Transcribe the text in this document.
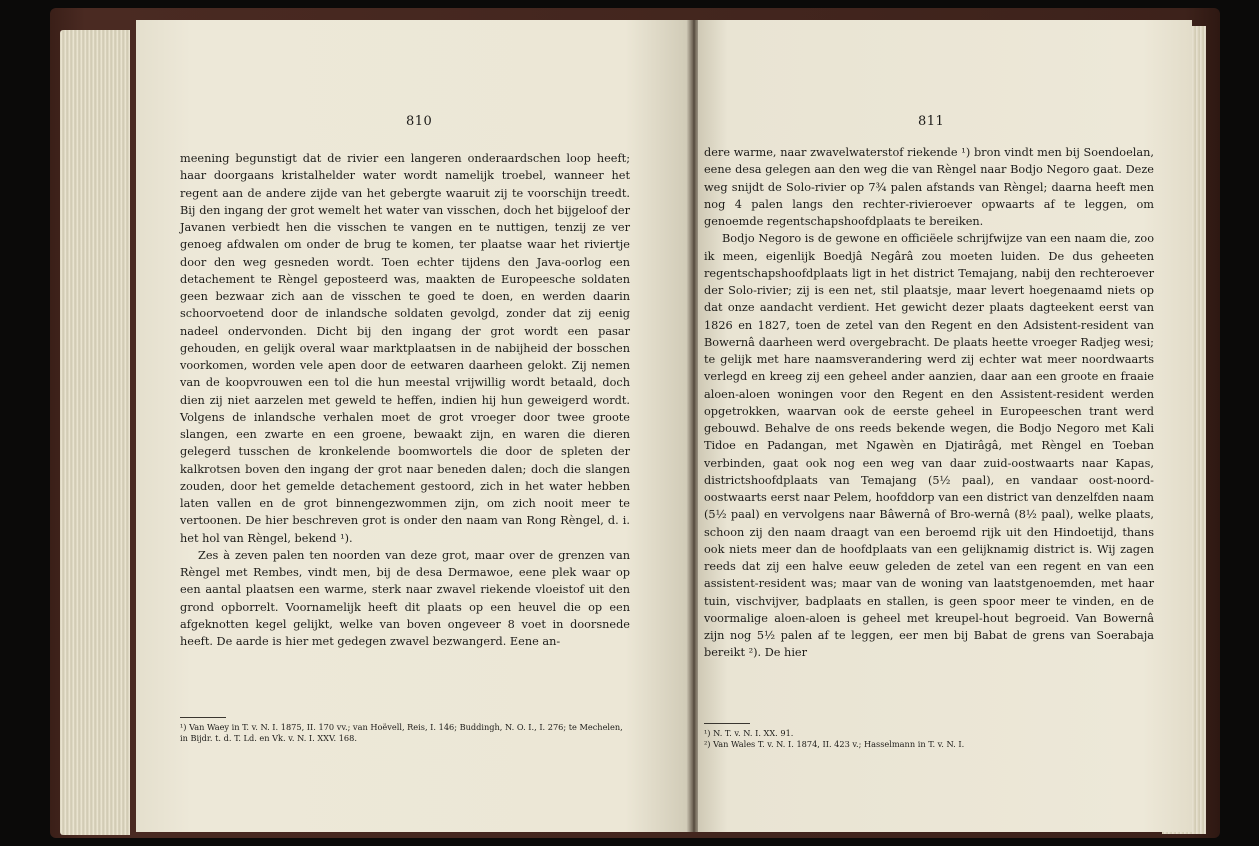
810

meening begunstigt dat de rivier een langeren onderaardschen loop heeft; haar doorgaans kristalhelder water wordt namelijk troebel, wanneer het regent aan de andere zijde van het gebergte waaruit zij te voorschijn treedt. Bij den ingang der grot wemelt het water van visschen, doch het bijgeloof der Javanen verbiedt hen die visschen te vangen en te nuttigen, tenzij ze ver genoeg afdwalen om onder de brug te komen, ter plaatse waar het riviertje door den weg gesneden wordt. Toen echter tijdens den Java-oorlog een detachement te Rèngel geposteerd was, maakten de Europeesche soldaten geen bezwaar zich aan de visschen te goed te doen, en werden daarin schoorvoetend door de inlandsche soldaten gevolgd, zonder dat zij eenig nadeel ondervonden. Dicht bij den ingang der grot wordt een pasar gehouden, en gelijk overal waar marktplaatsen in de nabijheid der bosschen voorkomen, worden vele apen door de eetwaren daarheen gelokt. Zij nemen van de koopvrouwen een tol die hun meestal vrijwillig wordt betaald, doch dien zij niet aarzelen met geweld te heffen, indien hij hun geweigerd wordt. Volgens de inlandsche verhalen moet de grot vroeger door twee groote slangen, een zwarte en een groene, bewaakt zijn, en waren die dieren gelegerd tusschen de kronkelende boomwortels die door de spleten der kalkrotsen boven den ingang der grot naar beneden dalen; doch die slangen zouden, door het gemelde detachement gestoord, zich in het water hebben laten vallen en de grot binnengezwommen zijn, om zich nooit meer te vertoonen. De hier beschreven grot is onder den naam van Rong Rèngel, d. i. het hol van Rèngel, bekend ¹).

Zes à zeven palen ten noorden van deze grot, maar over de grenzen van Rèngel met Rembes, vindt men, bij de desa Dermawoe, eene plek waar op een aantal plaatsen een warme, sterk naar zwavel riekende vloeistof uit den grond opborrelt. Voornamelijk heeft dit plaats op een heuvel die op een afgeknotten kegel gelijkt, welke van boven ongeveer 8 voet in doorsnede heeft. De aarde is hier met gedegen zwavel bezwangerd. Eene an-

¹) Van Waey in T. v. N. I. 1875, II. 170 vv.; van Hoëvell, Reis, I. 146; Buddingh, N. O. I., I. 276; te Mechelen, in Bijdr. t. d. T. Ld. en Vk. v. N. I. XXV. 168.

811

dere warme, naar zwavelwaterstof riekende ¹) bron vindt men bij Soendoelan, eene desa gelegen aan den weg die van Rèngel naar Bodjo Negoro gaat. Deze weg snijdt de Solo-rivier op 7¾ palen afstands van Rèngel; daarna heeft men nog 4 palen langs den rechter-rivieroever opwaarts af te leggen, om genoemde regentschapshoofdplaats te bereiken.

Bodjo Negoro is de gewone en officiëele schrijfwijze van een naam die, zoo ik meen, eigenlijk Boedjâ Negârâ zou moeten luiden. De dus geheeten regentschapshoofdplaats ligt in het district Temajang, nabij den rechteroever der Solo-rivier; zij is een net, stil plaatsje, maar levert hoegenaamd niets op dat onze aandacht verdient. Het gewicht dezer plaats dagteekent eerst van 1826 en 1827, toen de zetel van den Regent en den Adsistent-resident van Bowernâ daarheen werd overgebracht. De plaats heette vroeger Radjeg wesi; te gelijk met hare naamsverandering werd zij echter wat meer noordwaarts verlegd en kreeg zij een geheel ander aanzien, daar aan een groote en fraaie aloen-aloen woningen voor den Regent en den Assistent-resident werden opgetrokken, waarvan ook de eerste geheel in Europeeschen trant werd gebouwd. Behalve de ons reeds bekende wegen, die Bodjo Negoro met Kali Tidoe en Padangan, met Ngawèn en Djatirâgâ, met Rèngel en Toeban verbinden, gaat ook nog een weg van daar zuid-oostwaarts naar Kapas, districtshoofdplaats van Temajang (5½ paal), en vandaar oost-noord-oostwaarts eerst naar Pelem, hoofddorp van een district van denzelfden naam (5½ paal) en vervolgens naar Bâwernâ of Bro-wernâ (8½ paal), welke plaats, schoon zij den naam draagt van een beroemd rijk uit den Hindoetijd, thans ook niets meer dan de hoofdplaats van een gelijknamig district is. Wij zagen reeds dat zij een halve eeuw geleden de zetel van een regent en van een assistent-resident was; maar van de woning van laatstgenoemden, met haar tuin, vischvijver, badplaats en stallen, is geen spoor meer te vinden, en de voormalige aloen-aloen is geheel met kreupel-hout begroeid. Van Bowernâ zijn nog 5½ palen af te leggen, eer men bij Babat de grens van Soerabaja bereikt ²). De hier

¹) N. T. v. N. I. XX. 91.

²) Van Wales T. v. N. I. 1874, II. 423 v.; Hasselmann in T. v. N. I.
